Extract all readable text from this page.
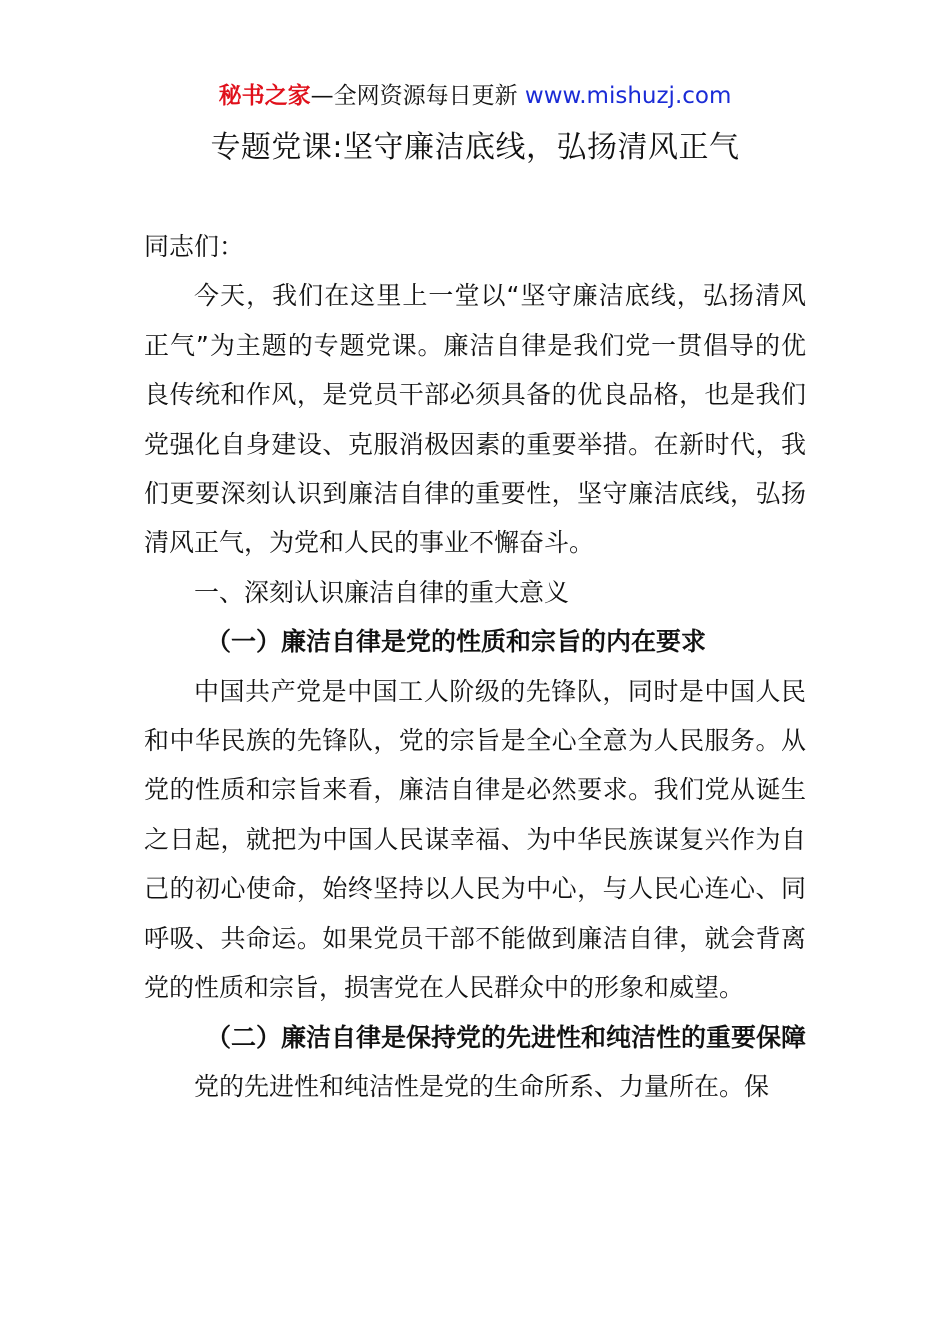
秘书之家—全网资源每日更新 www.mishuzj.com
专题党课:坚守廉洁底线，弘扬清风正气

同志们：

今天，我们在这里上一堂以“坚守廉洁底线，弘扬清风正气”为主题的专题党课。廉洁自律是我们党一贯倡导的优良传统和作风，是党员干部必须具备的优良品格，也是我们党强化自身建设、克服消极因素的重要举措。在新时代，我们更要深刻认识到廉洁自律的重要性，坚守廉洁底线，弘扬清风正气，为党和人民的事业不懈奋斗。

一、深刻认识廉洁自律的重大意义

（一）廉洁自律是党的性质和宗旨的内在要求

中国共产党是中国工人阶级的先锋队，同时是中国人民和中华民族的先锋队，党的宗旨是全心全意为人民服务。从党的性质和宗旨来看，廉洁自律是必然要求。我们党从诞生之日起，就把为中国人民谋幸福、为中华民族谋复兴作为自己的初心使命，始终坚持以人民为中心，与人民心连心、同呼吸、共命运。如果党员干部不能做到廉洁自律，就会背离党的性质和宗旨，损害党在人民群众中的形象和威望。

（二）廉洁自律是保持党的先进性和纯洁性的重要保障

党的先进性和纯洁性是党的生命所系、力量所在。保
